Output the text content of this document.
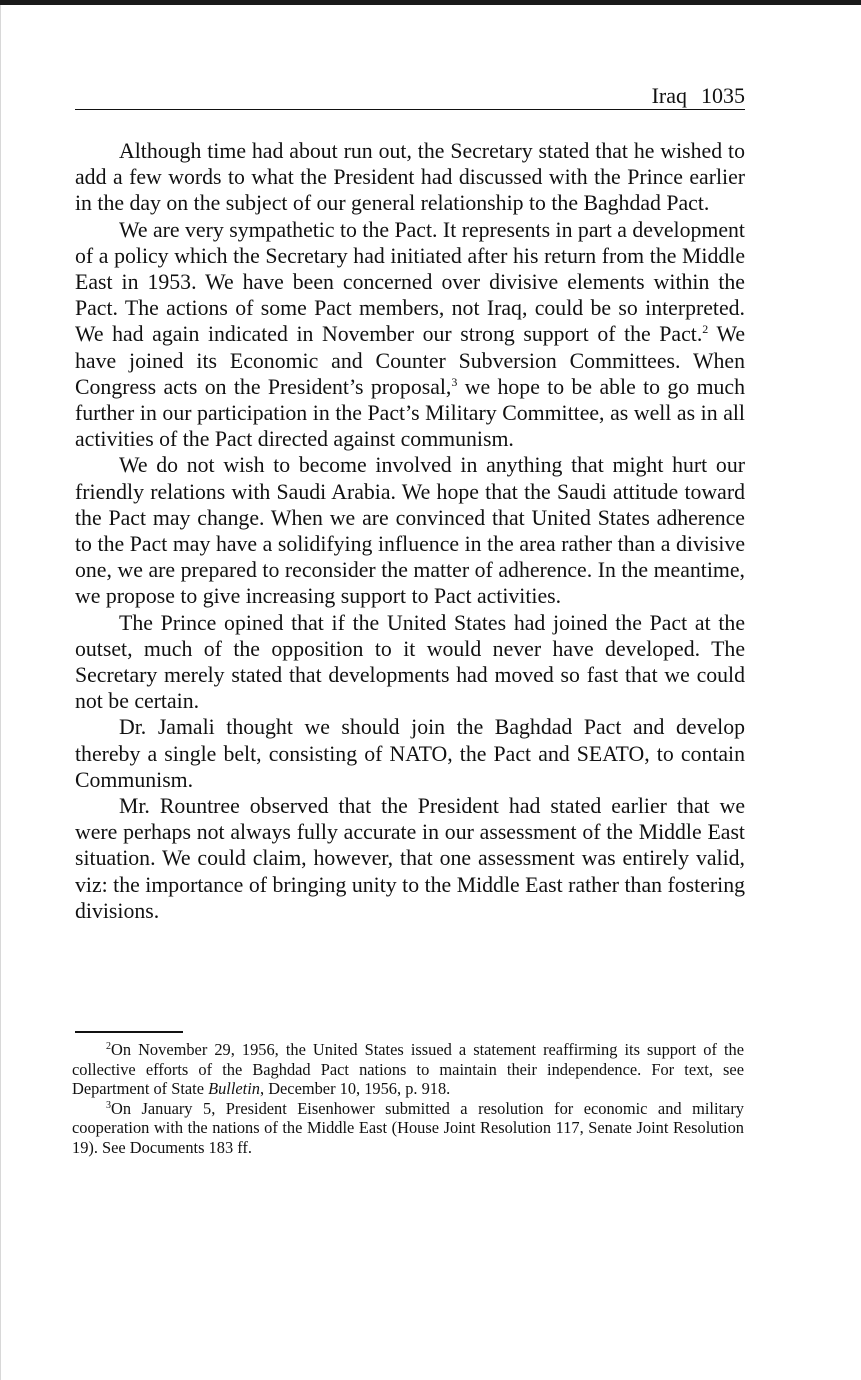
Iraq 1035

Although time had about run out, the Secretary stated that he wished to add a few words to what the President had discussed with the Prince earlier in the day on the subject of our general relationship to the Baghdad Pact.

We are very sympathetic to the Pact. It represents in part a development of a policy which the Secretary had initiated after his return from the Middle East in 1953. We have been concerned over divisive elements within the Pact. The actions of some Pact members, not Iraq, could be so interpreted. We had again indicated in November our strong support of the Pact.$^2$ We have joined its Economic and Counter Subversion Committees. When Congress acts on the President’s proposal,$^3$ we hope to be able to go much further in our participation in the Pact’s Military Committee, as well as in all activities of the Pact directed against communism.

We do not wish to become involved in anything that might hurt our friendly relations with Saudi Arabia. We hope that the Saudi attitude toward the Pact may change. When we are convinced that United States adherence to the Pact may have a solidifying influence in the area rather than a divisive one, we are prepared to reconsider the matter of adherence. In the meantime, we propose to give increasing support to Pact activities.

The Prince opined that if the United States had joined the Pact at the outset, much of the opposition to it would never have developed. The Secretary merely stated that developments had moved so fast that we could not be certain.

Dr. Jamali thought we should join the Baghdad Pact and develop thereby a single belt, consisting of NATO, the Pact and SEATO, to contain Communism.

Mr. Rountree observed that the President had stated earlier that we were perhaps not always fully accurate in our assessment of the Middle East situation. We could claim, however, that one assessment was entirely valid, viz: the importance of bringing unity to the Middle East rather than fostering divisions.

$^2$On November 29, 1956, the United States issued a statement reaffirming its support of the collective efforts of the Baghdad Pact nations to maintain their independence. For text, see Department of State Bulletin, December 10, 1956, p. 918.

$^3$On January 5, President Eisenhower submitted a resolution for economic and military cooperation with the nations of the Middle East (House Joint Resolution 117, Senate Joint Resolution 19). See Documents 183 ff.
